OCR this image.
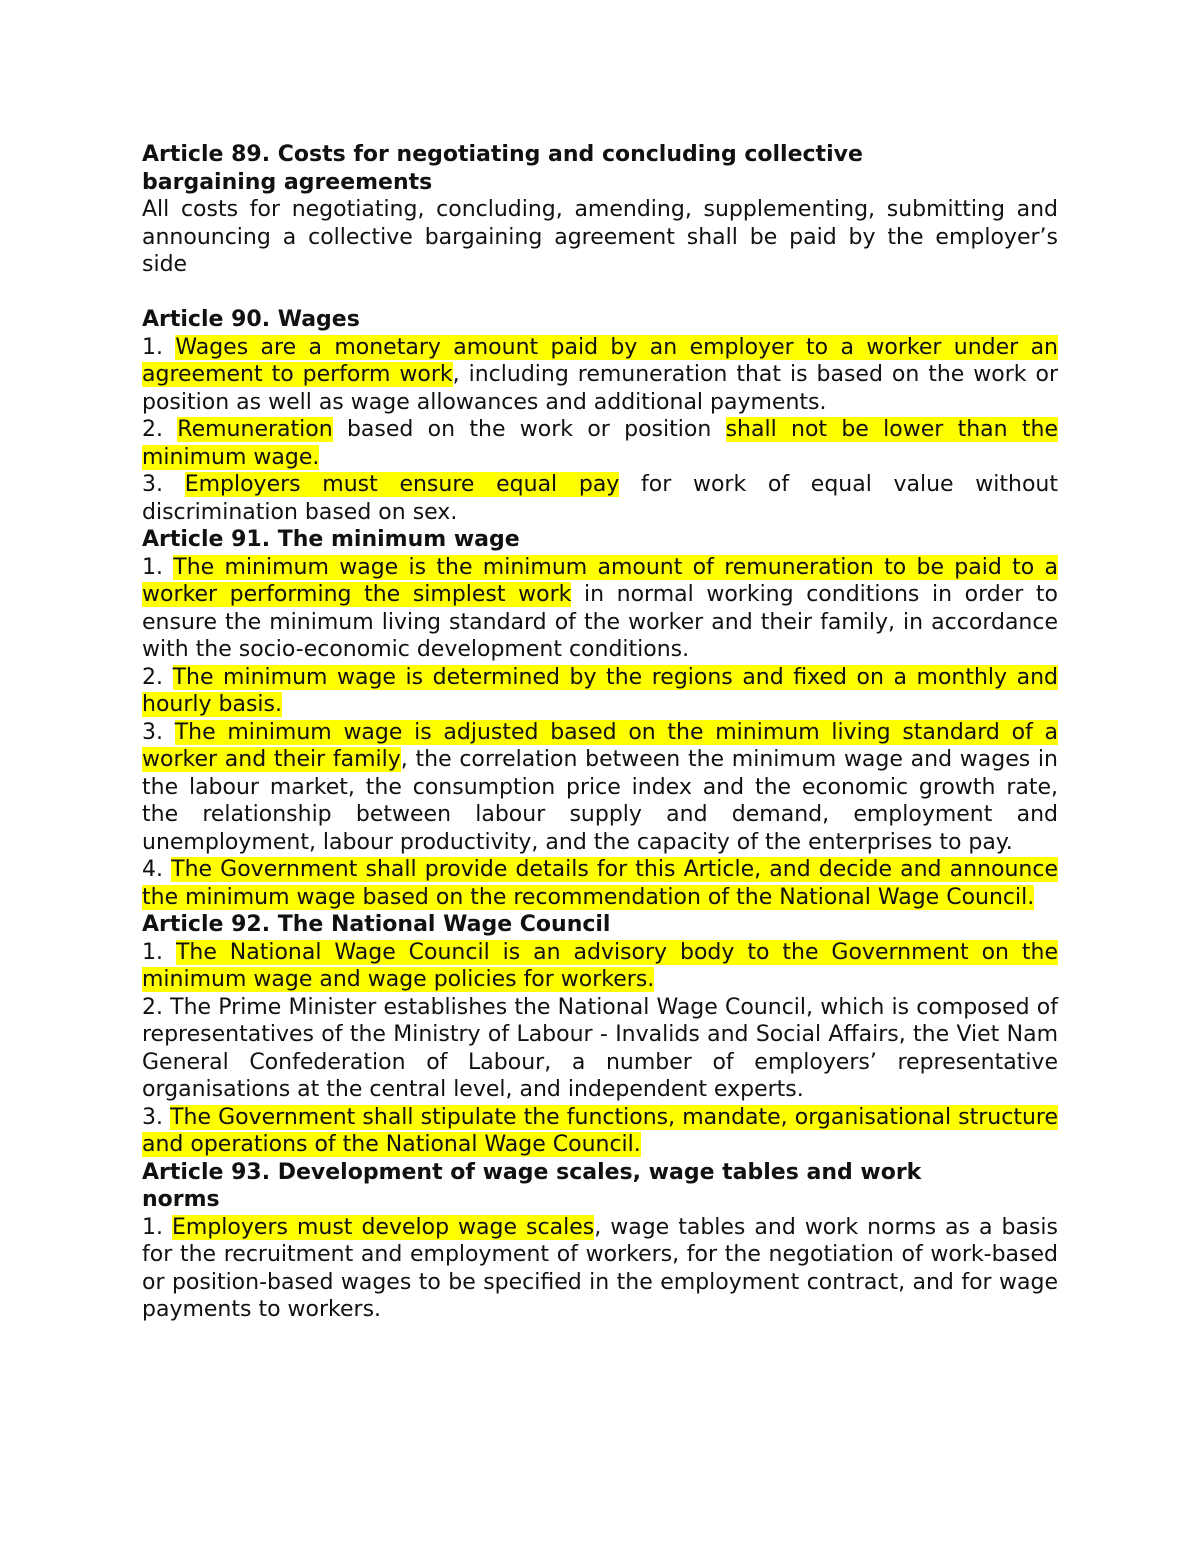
Article 89. Costs for negotiating and concluding collective bargaining agreements
All costs for negotiating, concluding, amending, supplementing, submitting and announcing a collective bargaining agreement shall be paid by the employer’s side
Article 90. Wages
1. Wages are a monetary amount paid by an employer to a worker under an agreement to perform work, including remuneration that is based on the work or position as well as wage allowances and additional payments.
2. Remuneration based on the work or position shall not be lower than the minimum wage.
3. Employers must ensure equal pay for work of equal value without discrimination based on sex.
Article 91. The minimum wage
1. The minimum wage is the minimum amount of remuneration to be paid to a worker performing the simplest work in normal working conditions in order to ensure the minimum living standard of the worker and their family, in accordance with the socio-economic development conditions.
2. The minimum wage is determined by the regions and fixed on a monthly and hourly basis.
3. The minimum wage is adjusted based on the minimum living standard of a worker and their family, the correlation between the minimum wage and wages in the labour market, the consumption price index and the economic growth rate, the relationship between labour supply and demand, employment and unemployment, labour productivity, and the capacity of the enterprises to pay.
4. The Government shall provide details for this Article, and decide and announce the minimum wage based on the recommendation of the National Wage Council.
Article 92. The National Wage Council
1. The National Wage Council is an advisory body to the Government on the minimum wage and wage policies for workers.
2. The Prime Minister establishes the National Wage Council, which is composed of representatives of the Ministry of Labour - Invalids and Social Affairs, the Viet Nam General Confederation of Labour, a number of employers’ representative organisations at the central level, and independent experts.
3. The Government shall stipulate the functions, mandate, organisational structure and operations of the National Wage Council.
Article 93. Development of wage scales, wage tables and work norms
1. Employers must develop wage scales, wage tables and work norms as a basis for the recruitment and employment of workers, for the negotiation of work-based or position-based wages to be specified in the employment contract, and for wage payments to workers.
